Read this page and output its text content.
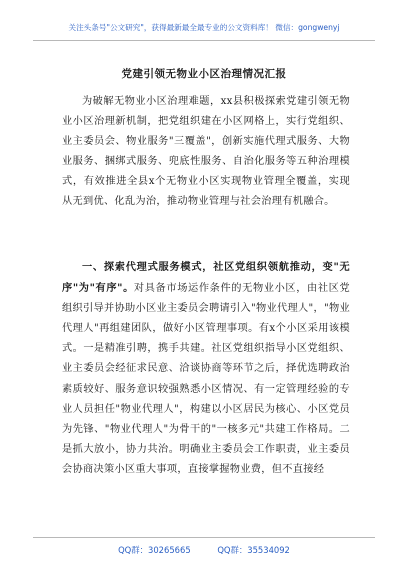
关注头条号"公文研究"，获得最新最全最专业的公文资料库！ 微信：gongwenyj
党建引领无物业小区治理情况汇报
为破解无物业小区治理难题，xx县积极探索党建引领无物业小区治理新机制，把党组织建在小区网格上，实行党组织、业主委员会、物业服务"三覆盖"，创新实施代理式服务、大物业服务、捆绑式服务、兜底性服务、自治化服务等五种治理模式，有效推进全县x个无物业小区实现物业管理全覆盖，实现从无到优、化乱为治，推动物业管理与社会治理有机融合。
一、探索代理式服务模式，社区党组织领航推动，变"无序"为"有序"。对具备市场运作条件的无物业小区，由社区党组织引导并协助小区业主委员会聘请引入"物业代理人"，"物业代理人"再组建团队，做好小区管理事项。有x个小区采用该模式。一是精准引聘，携手共建。社区党组织指导小区党组织、业主委员会经征求民意、洽谈协商等环节之后，择优选聘政治素质较好、服务意识较强熟悉小区情况、有一定管理经验的专业人员担任"物业代理人"，构建以小区居民为核心、小区党员为先锋、"物业代理人"为骨干的"一核多元"共建工作格局。二是抓大放小，协力共治。明确业主委员会工作职责，业主委员会协商决策小区重大事项，直接掌握物业费，但不直接经
QQ群：30265665	QQ群：35534092
